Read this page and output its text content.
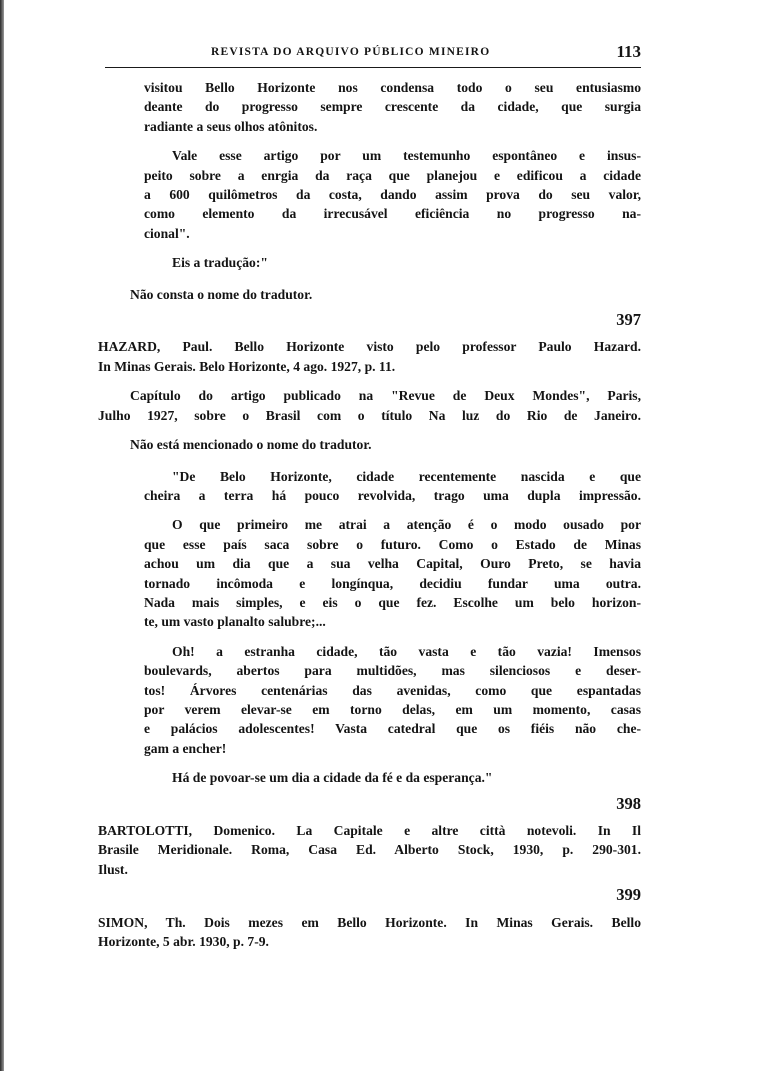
REVISTA DO ARQUIVO PÚBLICO MINEIRO	113

visitou Bello Horizonte nos condensa todo o seu entusiasmo
deante do progresso sempre crescente da cidade, que surgia
radiante a seus olhos atônitos.

Vale esse artigo por um testemunho espontâneo e insus-
peito sobre a enrgia da raça que planejou e edificou a cidade
a 600 quilômetros da costa, dando assim prova do seu valor,
como elemento da irrecusável eficiência no progresso na-
cional".

Eis a tradução:"

Não consta o nome do tradutor.

397

HAZARD, Paul. Bello Horizonte visto pelo professor Paulo Hazard.
In Minas Gerais. Belo Horizonte, 4 ago. 1927, p. 11.

Capítulo do artigo publicado na "Revue de Deux Mondes", Paris,
Julho 1927, sobre o Brasil com o título Na luz do Rio de Janeiro.

Não está mencionado o nome do tradutor.

"De Belo Horizonte, cidade recentemente nascida e que
cheira a terra há pouco revolvida, trago uma dupla impressão.

O que primeiro me atrai a atenção é o modo ousado por
que esse país saca sobre o futuro. Como o Estado de Minas
achou um dia que a sua velha Capital, Ouro Preto, se havia
tornado incômoda e longínqua, decidiu fundar uma outra.
Nada mais simples, e eis o que fez. Escolhe um belo horizon-
te, um vasto planalto salubre;...

Oh! a estranha cidade, tão vasta e tão vazia! Imensos
boulevards, abertos para multidões, mas silenciosos e deser-
tos! Árvores centenárias das avenidas, como que espantadas
por verem elevar-se em torno delas, em um momento, casas
e palácios adolescentes! Vasta catedral que os fiéis não che-
gam a encher!

Há de povoar-se um dia a cidade da fé e da esperança."

398

BARTOLOTTI, Domenico. La Capitale e altre città notevoli. In Il
Brasile Meridionale. Roma, Casa Ed. Alberto Stock, 1930, p. 290-301.
Ilust.

399

SIMON, Th. Dois mezes em Bello Horizonte. In Minas Gerais. Bello
Horizonte, 5 abr. 1930, p. 7-9.
